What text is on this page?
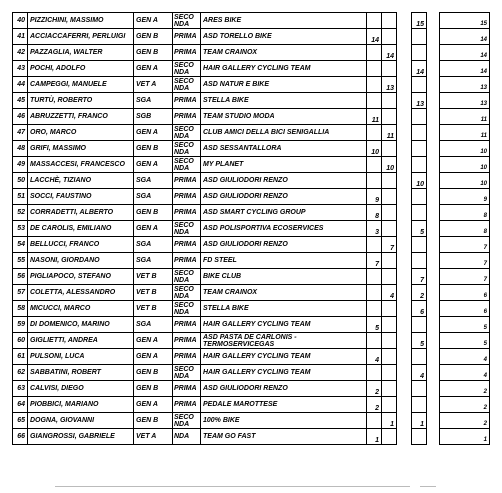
40	PIZZICHINI, MASSIMO	GEN A	SECO NDA	ARES BIKE				15		15
41	ACCIACCAFERRI, PERLUIGI	GEN B	PRIMA	ASD TORELLO BIKE	14					14
42	PAZZAGLIA, WALTER	GEN B	PRIMA	TEAM CRAINOX		14				14
43	POCHI, ADOLFO	GEN A	SECO NDA	HAIR GALLERY CYCLING TEAM				14		14
44	CAMPEGGI, MANUELE	VET A	SECO NDA	ASD NATUR E BIKE		13				13
45	TURTÙ, ROBERTO	SGA	PRIMA	STELLA BIKE				13		13
46	ABRUZZETTI, FRANCO	SGB	PRIMA	TEAM STUDIO MODA	11					11
47	ORO, MARCO	GEN A	SECO NDA	CLUB AMICI DELLA BICI SENIGALLIA		11				11
48	GRIFI, MASSIMO	GEN B	SECO NDA	ASD SESSANTALLORA	10					10
49	MASSACCESI, FRANCESCO	GEN A	SECO NDA	MY PLANET		10				10
50	LACCHÈ, TIZIANO	SGA	PRIMA	ASD GIULIODORI RENZO				10		10
51	SOCCI, FAUSTINO	SGA	PRIMA	ASD GIULIODORI RENZO	9					9
52	CORRADETTI, ALBERTO	GEN B	PRIMA	ASD SMART CYCLING GROUP	8					8
53	DE CAROLIS, EMILIANO	GEN A	SECO NDA	ASD POLISPORTIVA ECOSERVICES	3			5		8
54	BELLUCCI, FRANCO	SGA	PRIMA	ASD GIULIODORI RENZO		7				7
55	NASONI, GIORDANO	SGA	PRIMA	FD STEEL	7					7
56	PIGLIAPOCO, STEFANO	VET B	SECO NDA	BIKE CLUB				7		7
57	COLETTA, ALESSANDRO	VET B	SECO NDA	TEAM CRAINOX		4		2		6
58	MICUCCI, MARCO	VET B	SECO NDA	STELLA BIKE				6		6
59	DI DOMENICO, MARINO	SGA	PRIMA	HAIR GALLERY CYCLING TEAM	5					5
60	GIGLIETTI, ANDREA	GEN A	PRIMA	ASD PASTA DE CARLONIS - TERMOSERVICEGAS				5		5
61	PULSONI, LUCA	GEN A	PRIMA	HAIR GALLERY CYCLING TEAM	4					4
62	SABBATINI, ROBERT	GEN B	SECO NDA	HAIR GALLERY CYCLING TEAM				4		4
63	CALVISI, DIEGO	GEN B	PRIMA	ASD GIULIODORI RENZO	2					2
64	PIOBBICI, MARIANO	GEN A	PRIMA	PEDALE MAROTTESE	2					2
65	DOGNA, GIOVANNI	GEN B	SECO NDA	100% BIKE		1		1		2
66	GIANGROSSI, GABRIELE	VET A	NDA	TEAM GO FAST	1					1
